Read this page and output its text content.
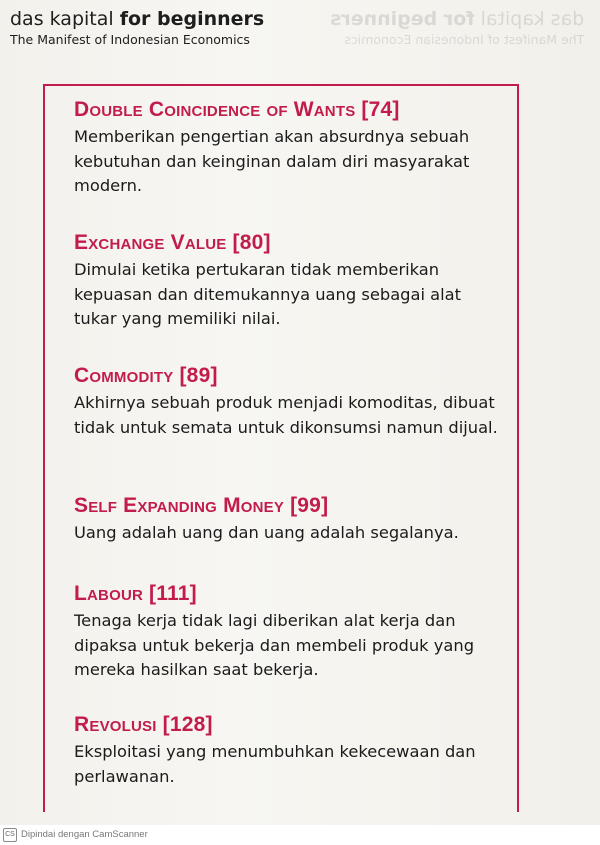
das kapital for beginners
The Manifest of Indonesian Economics
das kapital for beginners
The Manifest of Indonesian Economics
Double Coincidence of Wants [74]
Memberikan pengertian akan absurdnya sebuah kebutuhan dan keinginan dalam diri masyarakat modern.
Exchange Value [80]
Dimulai ketika pertukaran tidak memberikan kepuasan dan ditemukannya uang sebagai alat tukar yang memiliki nilai.
Commodity [89]
Akhirnya sebuah produk menjadi komoditas, dibuat tidak untuk semata untuk dikonsumsi namun dijual.
Self Expanding Money [99]
Uang adalah uang dan uang adalah segalanya.
Labour [111]
Tenaga kerja tidak lagi diberikan alat kerja dan dipaksa untuk bekerja dan membeli produk yang mereka hasilkan saat bekerja.
Revolusi [128]
Eksploitasi yang menumbuhkan kekecewaan dan perlawanan.
CS Dipindai dengan CamScanner
